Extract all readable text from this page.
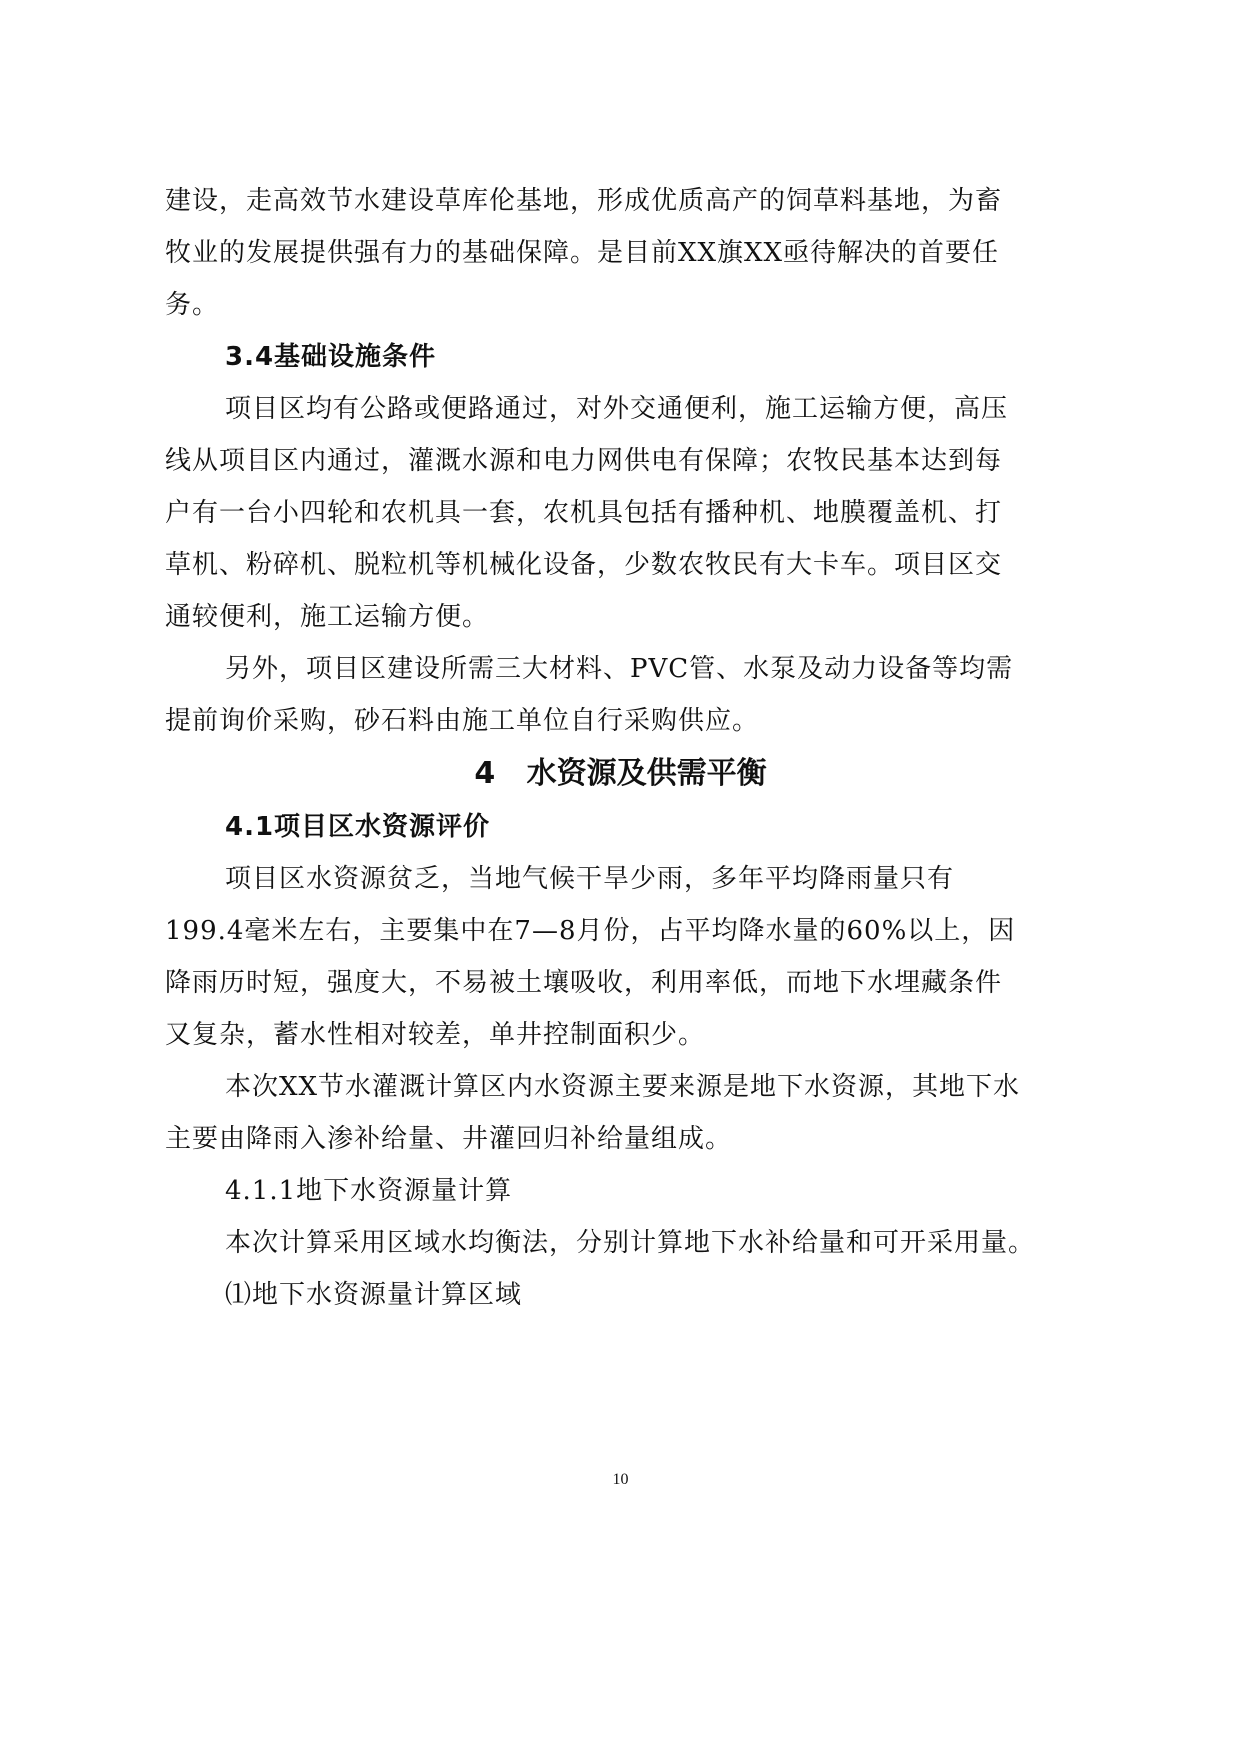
建设，走高效节水建设草库伦基地，形成优质高产的饲草料基地，为畜
牧业的发展提供强有力的基础保障。是目前XX旗XX亟待解决的首要任
务。
3.4基础设施条件
项目区均有公路或便路通过，对外交通便利，施工运输方便，高压
线从项目区内通过，灌溉水源和电力网供电有保障；农牧民基本达到每
户有一台小四轮和农机具一套，农机具包括有播种机、地膜覆盖机、打
草机、粉碎机、脱粒机等机械化设备，少数农牧民有大卡车。项目区交
通较便利，施工运输方便。
另外，项目区建设所需三大材料、PVC管、水泵及动力设备等均需
提前询价采购，砂石料由施工单位自行采购供应。
4   水资源及供需平衡
4.1项目区水资源评价
项目区水资源贫乏，当地气候干旱少雨，多年平均降雨量只有
199.4毫米左右，主要集中在7—8月份，占平均降水量的60%以上，因
降雨历时短，强度大，不易被土壤吸收，利用率低，而地下水埋藏条件
又复杂，蓄水性相对较差，单井控制面积少。
本次XX节水灌溉计算区内水资源主要来源是地下水资源，其地下水
主要由降雨入渗补给量、井灌回归补给量组成。
4.1.1地下水资源量计算
本次计算采用区域水均衡法，分别计算地下水补给量和可开采用量。
⑴地下水资源量计算区域
10
